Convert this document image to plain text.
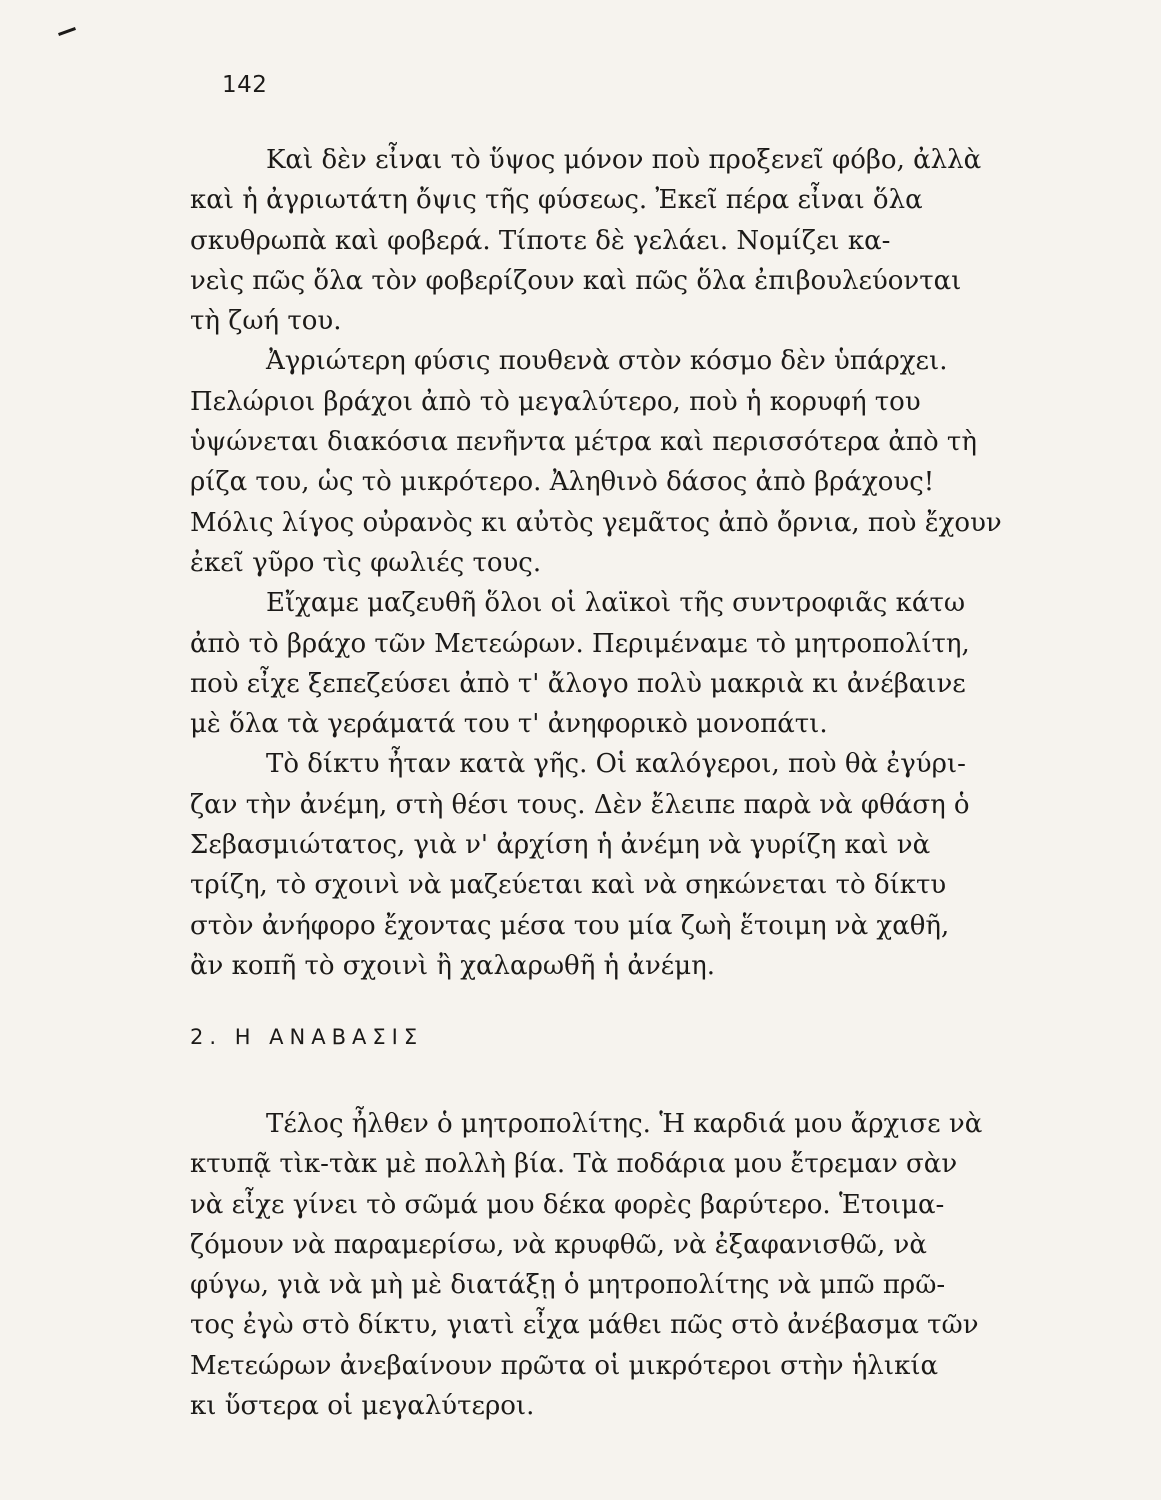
142

Καὶ δὲν εἶναι τὸ ὕψος μόνον ποὺ προξενεῖ φόβο, ἀλλὰ
καὶ ἡ ἀγριωτάτη ὄψις τῆς φύσεως. Ἐκεῖ πέρα εἶναι ὅλα
σκυθρωπὰ καὶ φοβερά. Τίποτε δὲ γελάει. Νομίζει κα-
νεὶς πῶς ὅλα τὸν φοβερίζουν καὶ πῶς ὅλα ἐπιβουλεύονται
τὴ ζωή του.

Ἀγριώτερη φύσις πουθενὰ στὸν κόσμο δὲν ὑπάρχει.
Πελώριοι βράχοι ἀπὸ τὸ μεγαλύτερο, ποὺ ἡ κορυφή του
ὑψώνεται διακόσια πενῆντα μέτρα καὶ περισσότερα ἀπὸ τὴ
ρίζα του, ὡς τὸ μικρότερο. Ἀληθινὸ δάσος ἀπὸ βράχους!
Μόλις λίγος οὐρανὸς κι αὐτὸς γεμᾶτος ἀπὸ ὄρνια, ποὺ ἔχουν
ἐκεῖ γῦρο τὶς φωλιές τους.

Εἴχαμε μαζευθῆ ὅλοι οἱ λαϊκοὶ τῆς συντροφιᾶς κάτω
ἀπὸ τὸ βράχο τῶν Μετεώρων. Περιμέναμε τὸ μητροπολίτη,
ποὺ εἶχε ξεπεζεύσει ἀπὸ τ' ἄλογο πολὺ μακριὰ κι ἀνέβαινε
μὲ ὅλα τὰ γεράματά του τ' ἀνηφορικὸ μονοπάτι.

Τὸ δίκτυ ἦταν κατὰ γῆς. Οἱ καλόγεροι, ποὺ θὰ ἐγύρι-
ζαν τὴν ἀνέμη, στὴ θέσι τους. Δὲν ἔλειπε παρὰ νὰ φθάση ὁ
Σεβασμιώτατος, γιὰ ν' ἀρχίση ἡ ἀνέμη νὰ γυρίζη καὶ νὰ
τρίζη, τὸ σχοινὶ νὰ μαζεύεται καὶ νὰ σηκώνεται τὸ δίκτυ
στὸν ἀνήφορο ἔχοντας μέσα του μία ζωὴ ἕτοιμη νὰ χαθῆ,
ἂν κοπῆ τὸ σχοινὶ ἢ χαλαρωθῆ ἡ ἀνέμη.

2. Η ΑΝΑΒΑΣΙΣ

Τέλος ἦλθεν ὁ μητροπολίτης. Ἡ καρδιά μου ἄρχισε νὰ
κτυπᾷ τὶκ-τὰκ μὲ πολλὴ βία. Τὰ ποδάρια μου ἔτρεμαν σὰν
νὰ εἶχε γίνει τὸ σῶμά μου δέκα φορὲς βαρύτερο. Ἑτοιμα-
ζόμουν νὰ παραμερίσω, νὰ κρυφθῶ, νὰ ἐξαφανισθῶ, νὰ
φύγω, γιὰ νὰ μὴ μὲ διατάξῃ ὁ μητροπολίτης νὰ μπῶ πρῶ-
τος ἐγὼ στὸ δίκτυ, γιατὶ εἶχα μάθει πῶς στὸ ἀνέβασμα τῶν
Μετεώρων ἀνεβαίνουν πρῶτα οἱ μικρότεροι στὴν ἡλικία
κι ὕστερα οἱ μεγαλύτεροι.
